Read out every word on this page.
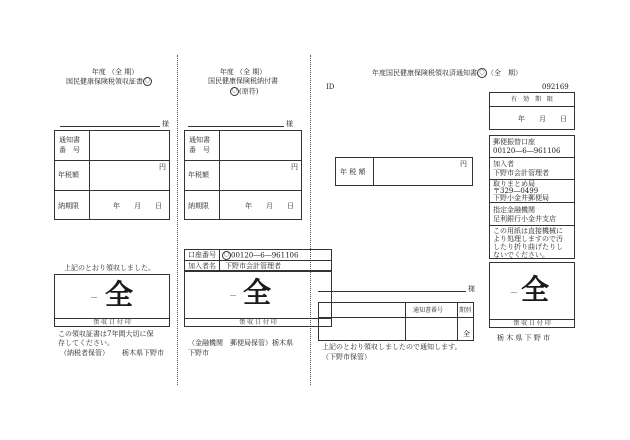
年度 （全 期）
国民健康保険税領収証書 〇
様
通知書
番　号
年税額
円
納期限	年　　月　　日
上記のとおり領収しました。
－ 全
領 収 日 付 印
この領収証書は7年間大切に保
存してください。
（納税者保管） 栃木県下野市
年度 （全 期）
国民健康保険税納付書
〇 (原符)
様
通知書
番　号
年税額
円
納期限	年　　月　　日
口座番号	〇 00120―6―961106
加入者名 下野市会計管理者
－ 全
領 収 日 付 印
（金融機関　郵便局保管）栃木県
下野市
年度国民健康保険税領収済通知書 〇 （全　期）
ID	092169
様
年 税 額
円
通知書番号	期別
全
上記のとおり領収しましたので通知します。
（下野市保管）
有　効　期　限
年　　月　　日
郵便振替口座
00120―6―961106
加入者
下野市会計管理者
取りまとめ局
〒329―0499
下野小金井郵便局
指定金融機関
足利銀行小金井支店
この用紙は直接機械に
より処理しますので汚
したり折り曲げたりし
ないでください。
－ 全
領 収 日 付 印
栃 木 県 下 野 市
